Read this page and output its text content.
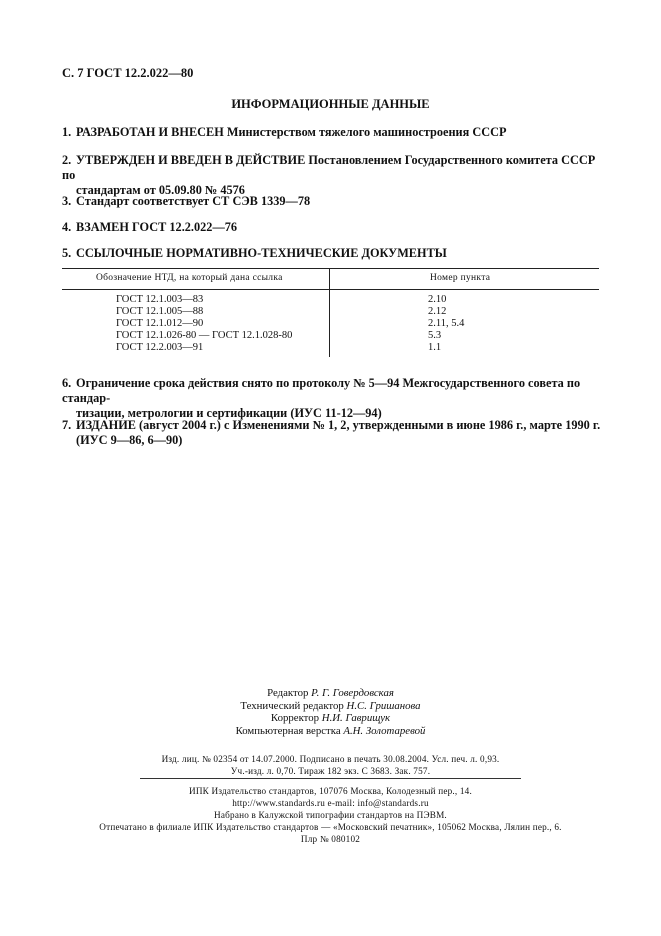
С. 7 ГОСТ 12.2.022—80
ИНФОРМАЦИОННЫЕ ДАННЫЕ
1. РАЗРАБОТАН И ВНЕСЕН Министерством тяжелого машиностроения СССР
2. УТВЕРЖДЕН И ВВЕДЕН В ДЕЙСТВИЕ Постановлением Государственного комитета СССР по
стандартам от 05.09.80 № 4576
3. Стандарт соответствует СТ СЭВ 1339—78
4. ВЗАМЕН ГОСТ 12.2.022—76
5. ССЫЛОЧНЫЕ НОРМАТИВНО-ТЕХНИЧЕСКИЕ ДОКУМЕНТЫ
Обозначение НТД, на который дана ссылка	Номер пункта
ГОСТ 12.1.003—83	2.10
ГОСТ 12.1.005—88	2.12
ГОСТ 12.1.012—90	2.11, 5.4
ГОСТ 12.1.026-80 — ГОСТ 12.1.028-80	5.3
ГОСТ 12.2.003—91	1.1
6. Ограничение срока действия снято по протоколу № 5—94 Межгосударственного совета по стандар-
тизации, метрологии и сертификации (ИУС 11-12—94)
7. ИЗДАНИЕ (август 2004 г.) с Изменениями № 1, 2, утвержденными в июне 1986 г., марте 1990 г.
(ИУС 9—86, 6—90)
Редактор Р. Г. Говердовская
Технический редактор Н.С. Гришанова
Корректор Н.И. Гаврищук
Компьютерная верстка А.Н. Золотаревой
Изд. лиц. № 02354 от 14.07.2000. Подписано в печать 30.08.2004. Усл. печ. л. 0,93.
Уч.-изд. л. 0,70. Тираж 182 экз. С 3683. Зак. 757.
ИПК Издательство стандартов, 107076 Москва, Колодезный пер., 14.
http://www.standards.ru e-mail: info@standards.ru
Набрано в Калужской типографии стандартов на ПЭВМ.
Отпечатано в филиале ИПК Издательство стандартов — «Московский печатник», 105062 Москва, Лялин пер., 6.
Плр № 080102
